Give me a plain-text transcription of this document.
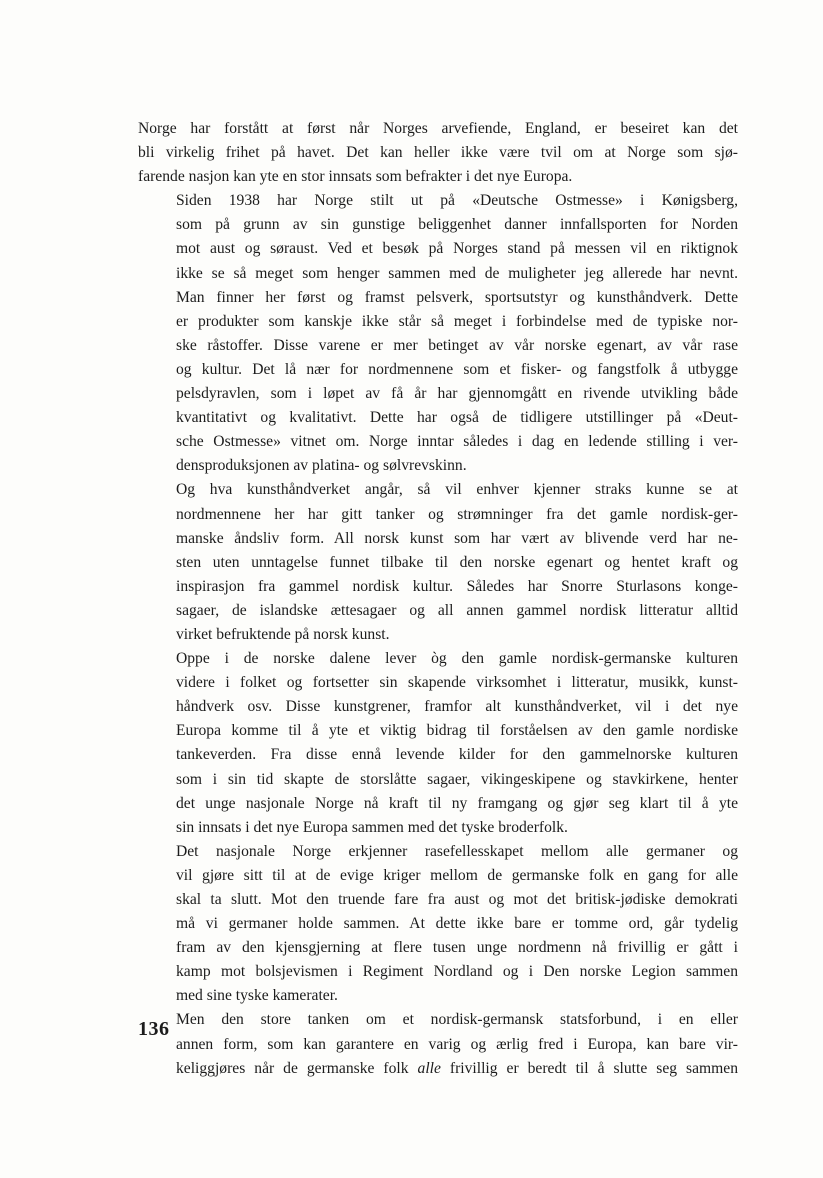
Norge har forstått at først når Norges arvefiende, England, er beseiret kan det
bli virkelig frihet på havet. Det kan heller ikke være tvil om at Norge som sjø-
farende nasjon kan yte en stor innsats som befrakter i det nye Europa.

Siden 1938 har Norge stilt ut på «Deutsche Ostmesse» i Kønigsberg,
som på grunn av sin gunstige beliggenhet danner innfallsporten for Norden
mot aust og søraust. Ved et besøk på Norges stand på messen vil en riktignok
ikke se så meget som henger sammen med de muligheter jeg allerede har nevnt.
Man finner her først og framst pelsverk, sportsutstyr og kunsthåndverk. Dette
er produkter som kanskje ikke står så meget i forbindelse med de typiske nor-
ske råstoffer. Disse varene er mer betinget av vår norske egenart, av vår rase
og kultur. Det lå nær for nordmennene som et fisker- og fangstfolk å utbygge
pelsdyravlen, som i løpet av få år har gjennomgått en rivende utvikling både
kvantitativt og kvalitativt. Dette har også de tidligere utstillinger på «Deut-
sche Ostmesse» vitnet om. Norge inntar således i dag en ledende stilling i ver-
densproduksjonen av platina- og sølvrevskinn.

Og hva kunsthåndverket angår, så vil enhver kjenner straks kunne se at
nordmennene her har gitt tanker og strømninger fra det gamle nordisk-ger-
manske åndsliv form. All norsk kunst som har vært av blivende verd har ne-
sten uten unntagelse funnet tilbake til den norske egenart og hentet kraft og
inspirasjon fra gammel nordisk kultur. Således har Snorre Sturlasons konge-
sagaer, de islandske ættesagaer og all annen gammel nordisk litteratur alltid
virket befruktende på norsk kunst.

Oppe i de norske dalene lever òg den gamle nordisk-germanske kulturen
videre i folket og fortsetter sin skapende virksomhet i litteratur, musikk, kunst-
håndverk osv. Disse kunstgrener, framfor alt kunsthåndverket, vil i det nye
Europa komme til å yte et viktig bidrag til forståelsen av den gamle nordiske
tankeverden. Fra disse ennå levende kilder for den gammelnorske kulturen
som i sin tid skapte de storslåtte sagaer, vikingeskipene og stavkirkene, henter
det unge nasjonale Norge nå kraft til ny framgang og gjør seg klart til å yte
sin innsats i det nye Europa sammen med det tyske broderfolk.

Det nasjonale Norge erkjenner rasefellesskapet mellom alle germaner og
vil gjøre sitt til at de evige kriger mellom de germanske folk en gang for alle
skal ta slutt. Mot den truende fare fra aust og mot det britisk-jødiske demokrati
må vi germaner holde sammen. At dette ikke bare er tomme ord, går tydelig
fram av den kjensgjerning at flere tusen unge nordmenn nå frivillig er gått i
kamp mot bolsjevismen i Regiment Nordland og i Den norske Legion sammen
med sine tyske kamerater.

Men den store tanken om et nordisk-germansk statsforbund, i en eller
annen form, som kan garantere en varig og ærlig fred i Europa, kan bare vir-
keliggjøres når de germanske folk alle frivillig er beredt til å slutte seg sammen

136
